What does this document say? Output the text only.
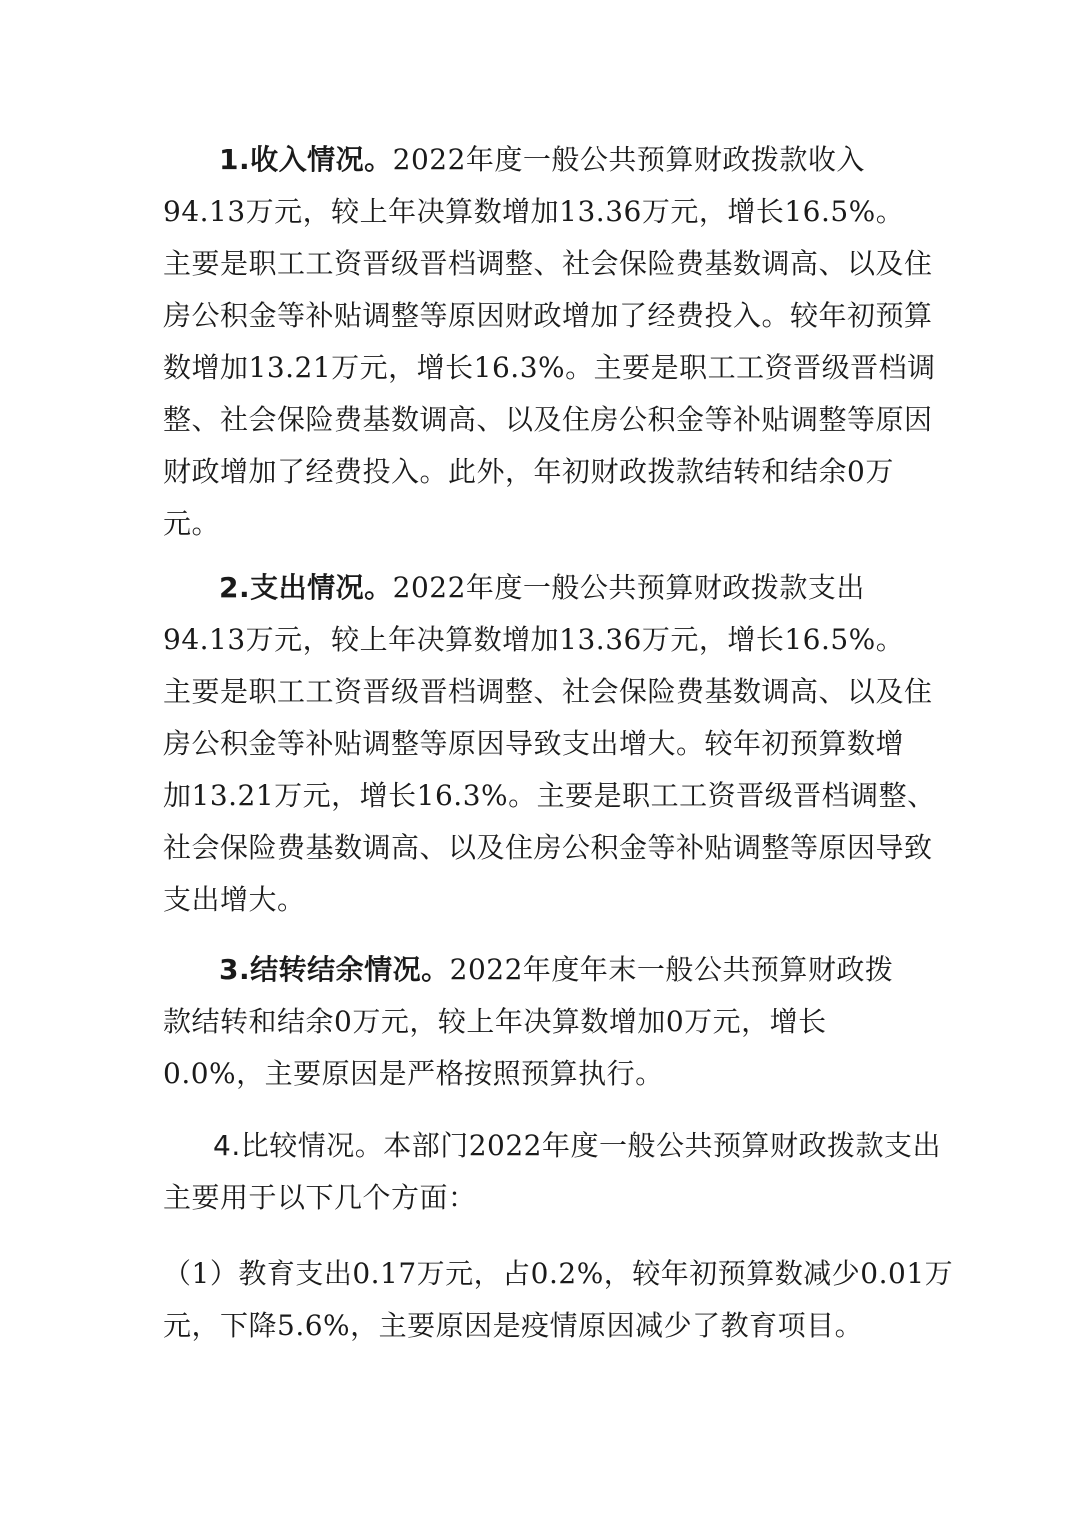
1.收入情况。2022年度一般公共预算财政拨款收入
94.13万元，较上年决算数增加13.36万元，增长16.5%。
主要是职工工资晋级晋档调整、社会保险费基数调高、以及住
房公积金等补贴调整等原因财政增加了经费投入。较年初预算
数增加13.21万元，增长16.3%。主要是职工工资晋级晋档调
整、社会保险费基数调高、以及住房公积金等补贴调整等原因
财政增加了经费投入。此外，年初财政拨款结转和结余0万
元。
2.支出情况。2022年度一般公共预算财政拨款支出
94.13万元，较上年决算数增加13.36万元，增长16.5%。
主要是职工工资晋级晋档调整、社会保险费基数调高、以及住
房公积金等补贴调整等原因导致支出增大。较年初预算数增
加13.21万元，增长16.3%。主要是职工工资晋级晋档调整、
社会保险费基数调高、以及住房公积金等补贴调整等原因导致
支出增大。
3.结转结余情况。2022年度年末一般公共预算财政拨
款结转和结余0万元，较上年决算数增加0万元，增长
0.0%，主要原因是严格按照预算执行。
4.比较情况。本部门2022年度一般公共预算财政拨款支出
主要用于以下几个方面：
（1）教育支出0.17万元，占0.2%，较年初预算数减少0.01万
元，下降5.6%，主要原因是疫情原因减少了教育项目。
